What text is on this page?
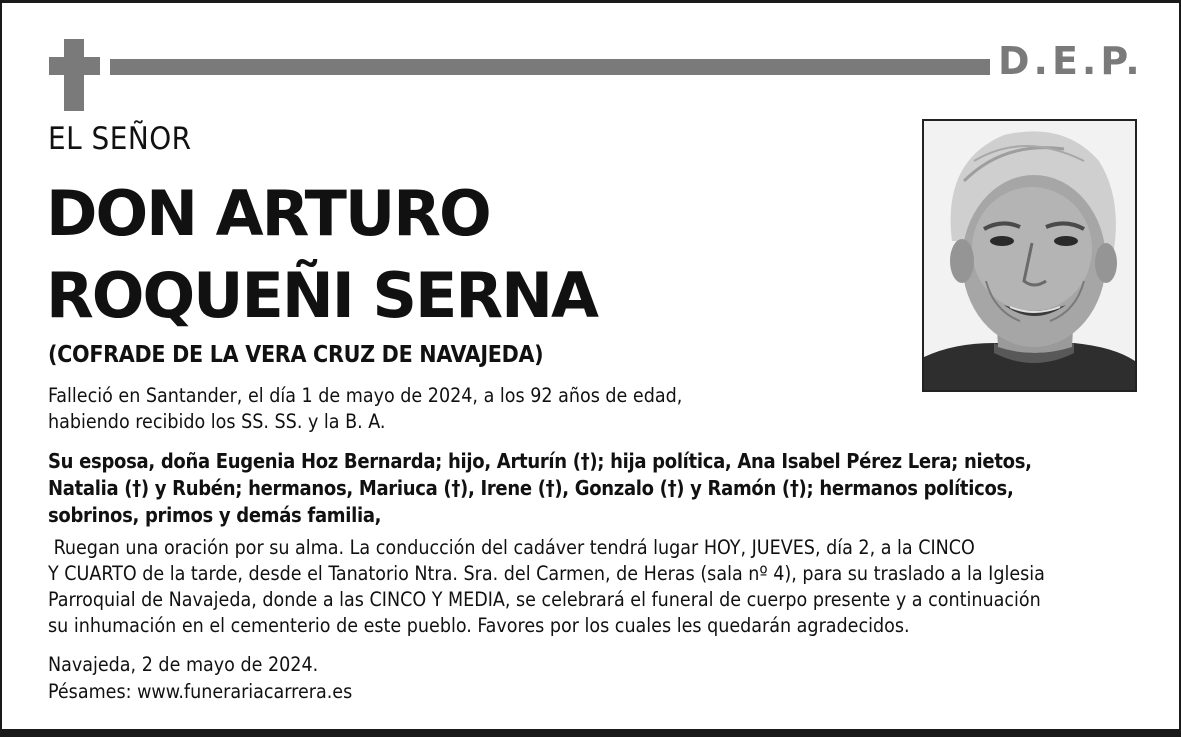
D.E.P.
EL SEÑOR
DON ARTURO
ROQUEÑI SERNA
(COFRADE DE LA VERA CRUZ DE NAVAJEDA)
Falleció en Santander, el día 1 de mayo de 2024, a los 92 años de edad,
habiendo recibido los SS. SS. y la B. A.
Su esposa, doña Eugenia Hoz Bernarda; hijo, Arturín (†); hija política, Ana Isabel Pérez Lera; nietos,
Natalia (†) y Rubén; hermanos, Mariuca (†), Irene (†), Gonzalo (†) y Ramón (†); hermanos políticos,
sobrinos, primos y demás familia,
Ruegan una oración por su alma. La conducción del cadáver tendrá lugar HOY, JUEVES, día 2, a la CINCO
Y CUARTO de la tarde, desde el Tanatorio Ntra. Sra. del Carmen, de Heras (sala nº 4), para su traslado a la Iglesia
Parroquial de Navajeda, donde a las CINCO Y MEDIA, se celebrará el funeral de cuerpo presente y a continuación
su inhumación en el cementerio de este pueblo. Favores por los cuales les quedarán agradecidos.
Navajeda, 2 de mayo de 2024.
Pésames: www.funerariacarrera.es
